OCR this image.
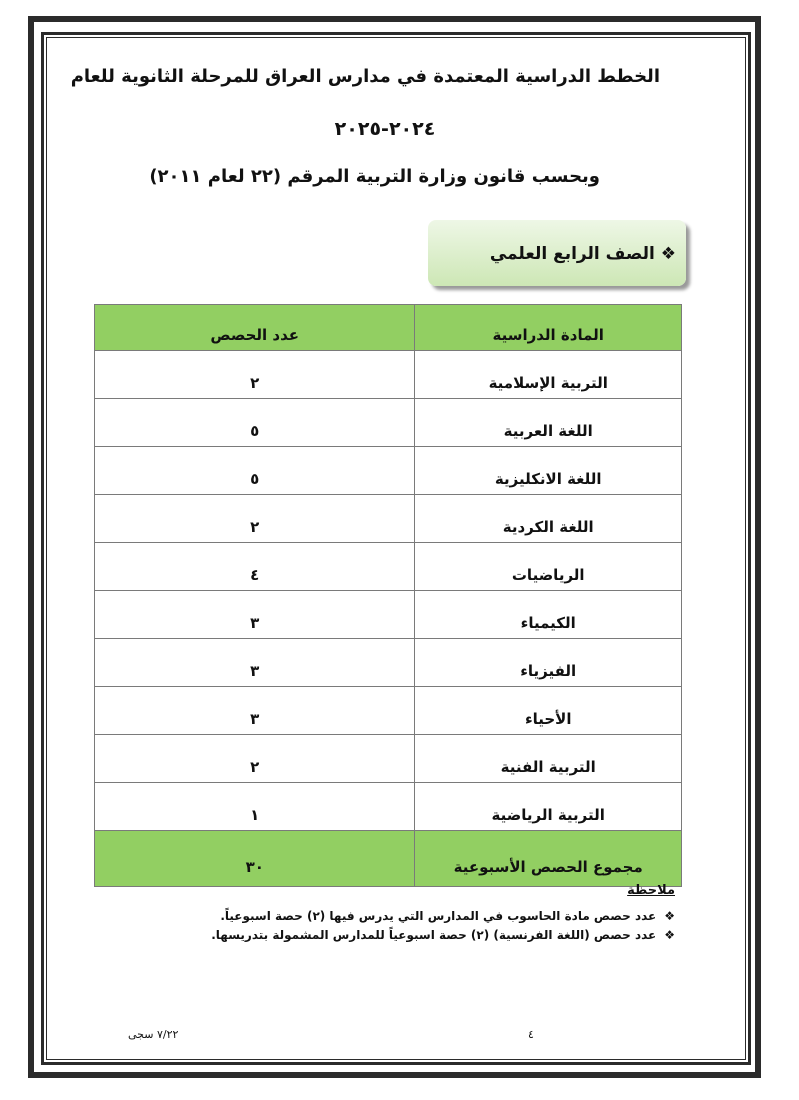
الخطط الدراسية المعتمدة في مدارس العراق للمرحلة الثانوية للعام
٢٠٢٤-٢٠٢٥
وبحسب قانون وزارة التربية المرقم (٢٢ لعام ٢٠١١)
❖ الصف الرابع العلمي
المادة الدراسية	عدد الحصص
التربية الإسلامية	٢
اللغة العربية	٥
اللغة الانكليزية	٥
اللغة الكردية	٢
الرياضيات	٤
الكيمياء	٣
الفيزياء	٣
الأحياء	٣
التربية الفنية	٢
التربية الرياضية	١
مجموع الحصص الأسبوعية	٣٠
ملاحظة
❖عدد حصص مادة الحاسوب في المدارس التي يدرس فيها (٢) حصة اسبوعياً.
❖عدد حصص (اللغة الفرنسية) (٢) حصة اسبوعياً للمدارس المشمولة بتدريسها.
٤
٧/٢٢ سجى
